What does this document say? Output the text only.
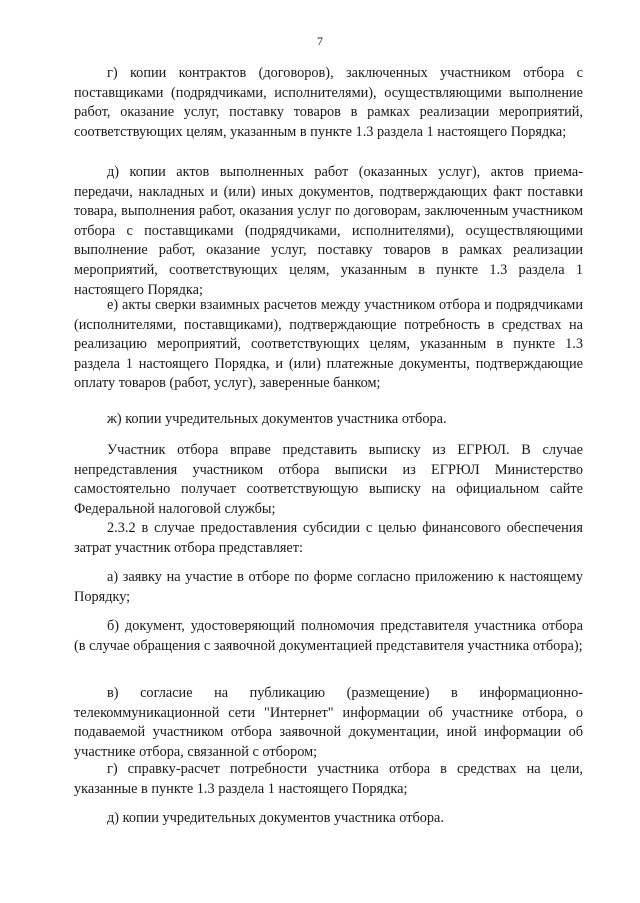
7

г) копии контрактов (договоров), заключенных участником отбора с поставщиками (подрядчиками, исполнителями), осуществляющими выполнение работ, оказание услуг, поставку товаров в рамках реализации мероприятий, соответствующих целям, указанным в пункте 1.3 раздела 1 настоящего Порядка;

д) копии актов выполненных работ (оказанных услуг), актов приема-передачи, накладных и (или) иных документов, подтверждающих факт поставки товара, выполнения работ, оказания услуг по договорам, заключенным участником отбора с поставщиками (подрядчиками, исполнителями), осуществляющими выполнение работ, оказание услуг, поставку товаров в рамках реализации мероприятий, соответствующих целям, указанным в пункте 1.3 раздела 1 настоящего Порядка;

е) акты сверки взаимных расчетов между участником отбора и подрядчиками (исполнителями, поставщиками), подтверждающие потребность в средствах на реализацию мероприятий, соответствующих целям, указанным в пункте 1.3 раздела 1 настоящего Порядка, и (или) платежные документы, подтверждающие оплату товаров (работ, услуг), заверенные банком;

ж) копии учредительных документов участника отбора.

Участник отбора вправе представить выписку из ЕГРЮЛ. В случае непредставления участником отбора выписки из ЕГРЮЛ Министерство самостоятельно получает соответствующую выписку на официальном сайте Федеральной налоговой службы;

2.3.2 в случае предоставления субсидии с целью финансового обеспечения затрат участник отбора представляет:

а) заявку на участие в отборе по форме согласно приложению к настоящему Порядку;

б) документ, удостоверяющий полномочия представителя участника отбора (в случае обращения с заявочной документацией представителя участника отбора);

в) согласие на публикацию (размещение) в информационно-телекоммуникационной сети "Интернет" информации об участнике отбора, о подаваемой участником отбора заявочной документации, иной информации об участнике отбора, связанной с отбором;

г) справку-расчет потребности участника отбора в средствах на цели, указанные в пункте 1.3 раздела 1 настоящего Порядка;

д) копии учредительных документов участника отбора.
